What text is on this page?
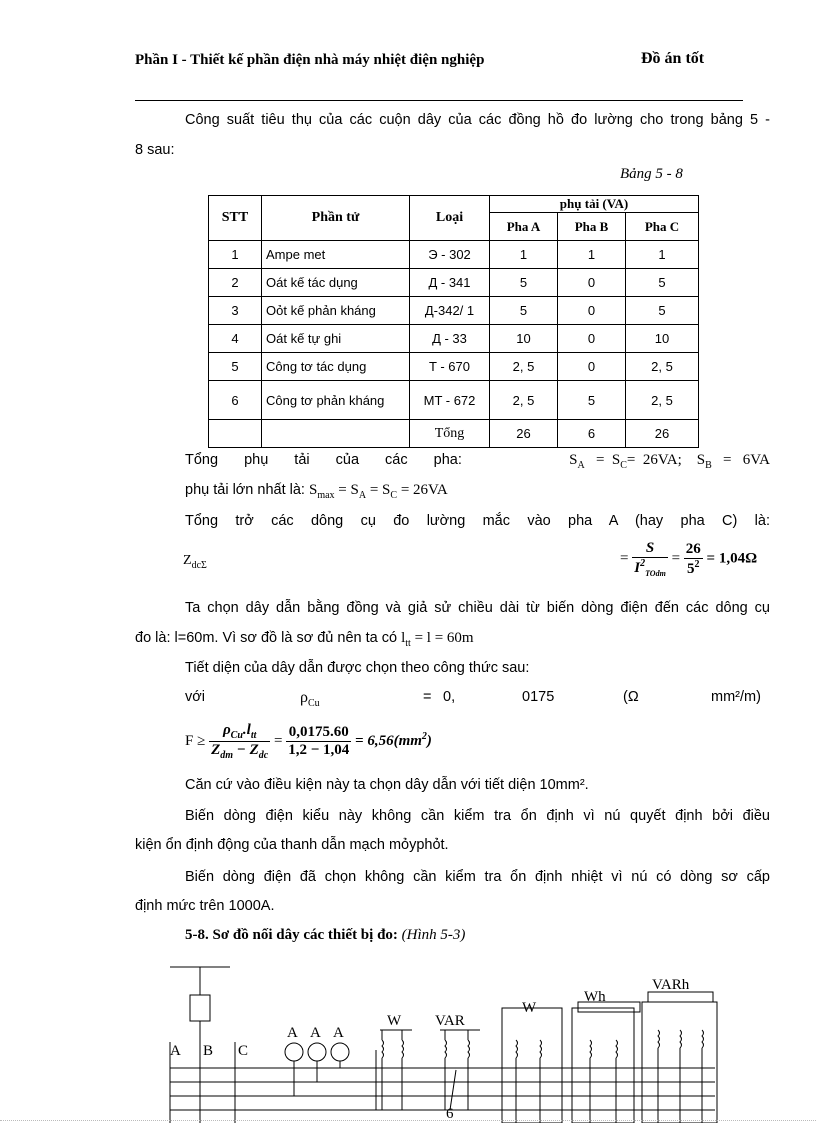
Phần I - Thiết kế phần điện nhà máy nhiệt điện nghiệp	Đồ án tốt
Công suất tiêu thụ của các cuộn dây của các đồng hồ đo lường cho trong bảng 5 -
8 sau:
Bảng 5 - 8
STT	Phần tử	Loại	phụ tải (VA)		
			Pha A	Pha B	Pha C
1	Ampe met	Э - 302	1	1	1
2	Oát kế tác dụng	Д - 341	5	0	5
3	Oỏt kế phản kháng	Д-342/ 1	5	0	5
4	Oát kế tự ghi	Д - 33	10	0	10
5	Công tơ tác dụng	T - 670	2, 5	0	2, 5
6	Công tơ phản kháng	MT - 672	2, 5	5	2, 5
		Tổng	26	6	26
Tổng phụ tải của các pha:	$S_A = S_C= 26VA$;    $S_B = 6VA$
phụ tải lớn nhất là: $S_{max} = S_A = S_C = 26VA$
Tổng trở các dông cụ đo lường mắc vào pha A (hay pha C) là:
$Z_{dc\Sigma}$	= $\frac{S}{I^2_{TOdm}} = \frac{26}{5^2} = 1,04\Omega$
Ta chọn dây dẫn bằng đồng và giả sử chiều dài từ biến dòng điện đến các dông cụ
đo là: l=60m. Vì sơ đồ là sơ đủ nên ta có $l_{tt} = l = 60m$
Tiết diện của dây dẫn được chọn theo công thức sau:
với	$\rho_{Cu}$	= 0,	0175	(Ω	mm²/m)
$F \ge \frac{\rho_{Cu}.l_{tt}}{Z_{dm} - Z_{dc}} = \frac{0,0175.60}{1,2 - 1,04} = 6,56(mm^2)$
Căn cứ vào điều kiện này ta chọn dây dẫn với tiết diện 10mm².
Biến dòng điện kiểu này không cần kiểm tra ổn định vì nú quyết định bởi điều
kiện ổn định động của thanh dẫn mạch mỏyphỏt.
Biến dòng điện đã chọn không cần kiểm tra ổn định nhiệt vì nú có dòng sơ cấp
định mức trên 1000A.
5-8. Sơ đồ nối dây các thiết bị đo: (Hình 5-3)
A B C
A A A
W VAR
W
Wh
VARh
6
